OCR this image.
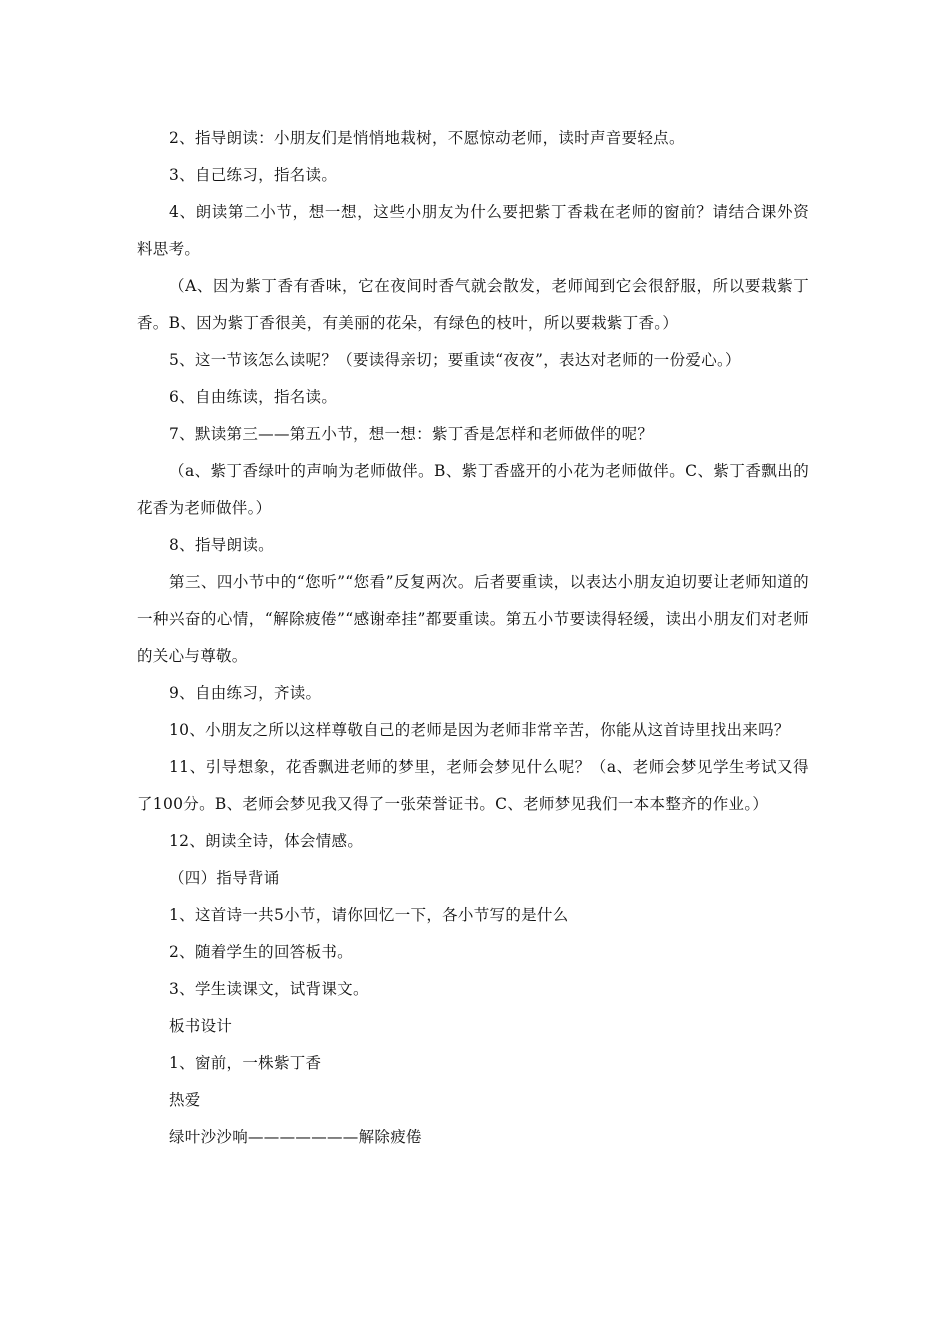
2、指导朗读：小朋友们是悄悄地栽树，不愿惊动老师，读时声音要轻点。

3、自己练习，指名读。

4、朗读第二小节，想一想，这些小朋友为什么要把紫丁香栽在老师的窗前？请结合课外资料思考。

（A、因为紫丁香有香味，它在夜间时香气就会散发，老师闻到它会很舒服，所以要栽紫丁香。B、因为紫丁香很美，有美丽的花朵，有绿色的枝叶，所以要栽紫丁香。）

5、这一节该怎么读呢？（要读得亲切；要重读“夜夜”，表达对老师的一份爱心。）

6、自由练读，指名读。

7、默读第三——第五小节，想一想：紫丁香是怎样和老师做伴的呢？

（a、紫丁香绿叶的声响为老师做伴。B、紫丁香盛开的小花为老师做伴。C、紫丁香飘出的花香为老师做伴。）

8、指导朗读。

第三、四小节中的“您听”“您看”反复两次。后者要重读，以表达小朋友迫切要让老师知道的一种兴奋的心情，“解除疲倦”“感谢牵挂”都要重读。第五小节要读得轻缓，读出小朋友们对老师的关心与尊敬。

9、自由练习，齐读。

10、小朋友之所以这样尊敬自己的老师是因为老师非常辛苦，你能从这首诗里找出来吗？

11、引导想象，花香飘进老师的梦里，老师会梦见什么呢？（a、老师会梦见学生考试又得了100分。B、老师会梦见我又得了一张荣誉证书。C、老师梦见我们一本本整齐的作业。）

12、朗读全诗，体会情感。

（四）指导背诵

1、这首诗一共5小节，请你回忆一下，各小节写的是什么

2、随着学生的回答板书。

3、学生读课文，试背课文。

板书设计

1、窗前，一株紫丁香

热爱

绿叶沙沙响———————解除疲倦
